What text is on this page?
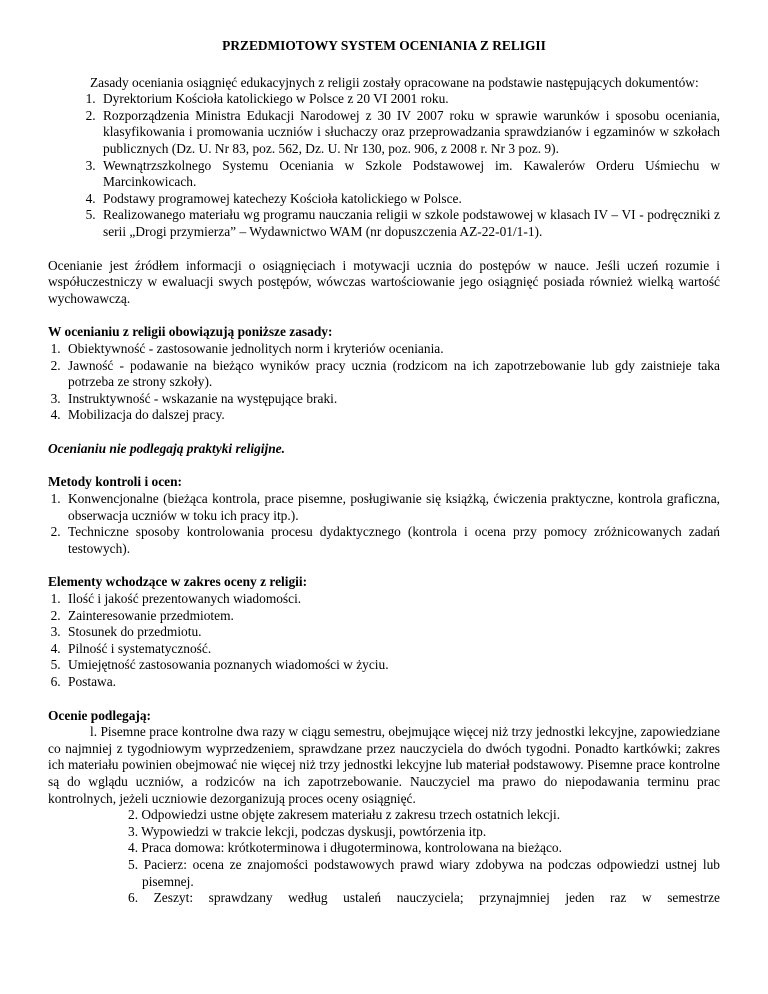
PRZEDMIOTOWY SYSTEM OCENIANIA Z RELIGII

Zasady oceniania osiągnięć edukacyjnych z religii zostały opracowane na podstawie następujących dokumentów:

1. Dyrektorium Kościoła katolickiego w Polsce z 20 VI 2001 roku.
2. Rozporządzenia Ministra Edukacji Narodowej z 30 IV 2007 roku w sprawie warunków i sposobu oceniania, klasyfikowania i promowania uczniów i słuchaczy oraz przeprowadzania sprawdzianów i egzaminów w szkołach publicznych (Dz. U. Nr 83, poz. 562, Dz. U. Nr 130, poz. 906, z 2008 r. Nr 3 poz. 9).
3. Wewnątrzszkolnego Systemu Oceniania w Szkole Podstawowej im. Kawalerów Orderu Uśmiechu w Marcinkowicach.
4. Podstawy programowej katechezy Kościoła katolickiego w Polsce.
5. Realizowanego materiału wg programu nauczania religii w szkole podstawowej w klasach IV – VI - podręczniki z serii „Drogi przymierza” – Wydawnictwo WAM (nr dopuszczenia AZ-22-01/1-1).

Ocenianie jest źródłem informacji o osiągnięciach i motywacji ucznia do postępów w nauce. Jeśli uczeń rozumie i współuczestniczy w ewaluacji swych postępów, wówczas wartościowanie jego osiągnięć posiada również wielką wartość wychowawczą.

W ocenianiu z religii obowiązują poniższe zasady:

1. Obiektywność - zastosowanie jednolitych norm i kryteriów oceniania.
2. Jawność - podawanie na bieżąco wyników pracy ucznia (rodzicom na ich zapotrzebowanie lub gdy zaistnieje taka potrzeba ze strony szkoły).
3. Instruktywność - wskazanie na występujące braki.
4. Mobilizacja do dalszej pracy.

Ocenianiu nie podlegają praktyki religijne.

Metody kontroli i ocen:

1. Konwencjonalne (bieżąca kontrola, prace pisemne, posługiwanie się książką, ćwiczenia praktyczne, kontrola graficzna, obserwacja uczniów w toku ich pracy itp.).
2. Techniczne sposoby kontrolowania procesu dydaktycznego (kontrola i ocena przy pomocy zróżnicowanych zadań testowych).

Elementy wchodzące w zakres oceny z religii:

1. Ilość i jakość prezentowanych wiadomości.
2. Zainteresowanie przedmiotem.
3. Stosunek do przedmiotu.
4. Pilność i systematyczność.
5. Umiejętność zastosowania poznanych wiadomości w życiu.
6. Postawa.

Ocenie podlegają:

l. Pisemne prace kontrolne dwa razy w ciągu semestru, obejmujące więcej niż trzy jednostki lekcyjne, zapowiedziane co najmniej z tygodniowym wyprzedzeniem, sprawdzane przez nauczyciela do dwóch tygodni. Ponadto kartkówki; zakres ich materiału powinien obejmować nie więcej niż trzy jednostki lekcyjne lub materiał podstawowy. Pisemne prace kontrolne są do wglądu uczniów, a rodziców na ich zapotrzebowanie. Nauczyciel ma prawo do niepodawania terminu prac kontrolnych, jeżeli uczniowie dezorganizują proces oceny osiągnięć.

2. Odpowiedzi ustne objęte zakresem materiału z zakresu trzech ostatnich lekcji.

3. Wypowiedzi w trakcie lekcji, podczas dyskusji, powtórzenia itp.

4. Praca domowa: krótkoterminowa i długoterminowa, kontrolowana na bieżąco.

5. Pacierz: ocena ze znajomości podstawowych prawd wiary zdobywa na podczas odpowiedzi ustnej lub pisemnej.

6. Zeszyt: sprawdzany według ustaleń nauczyciela; przynajmniej jeden raz w semestrze
